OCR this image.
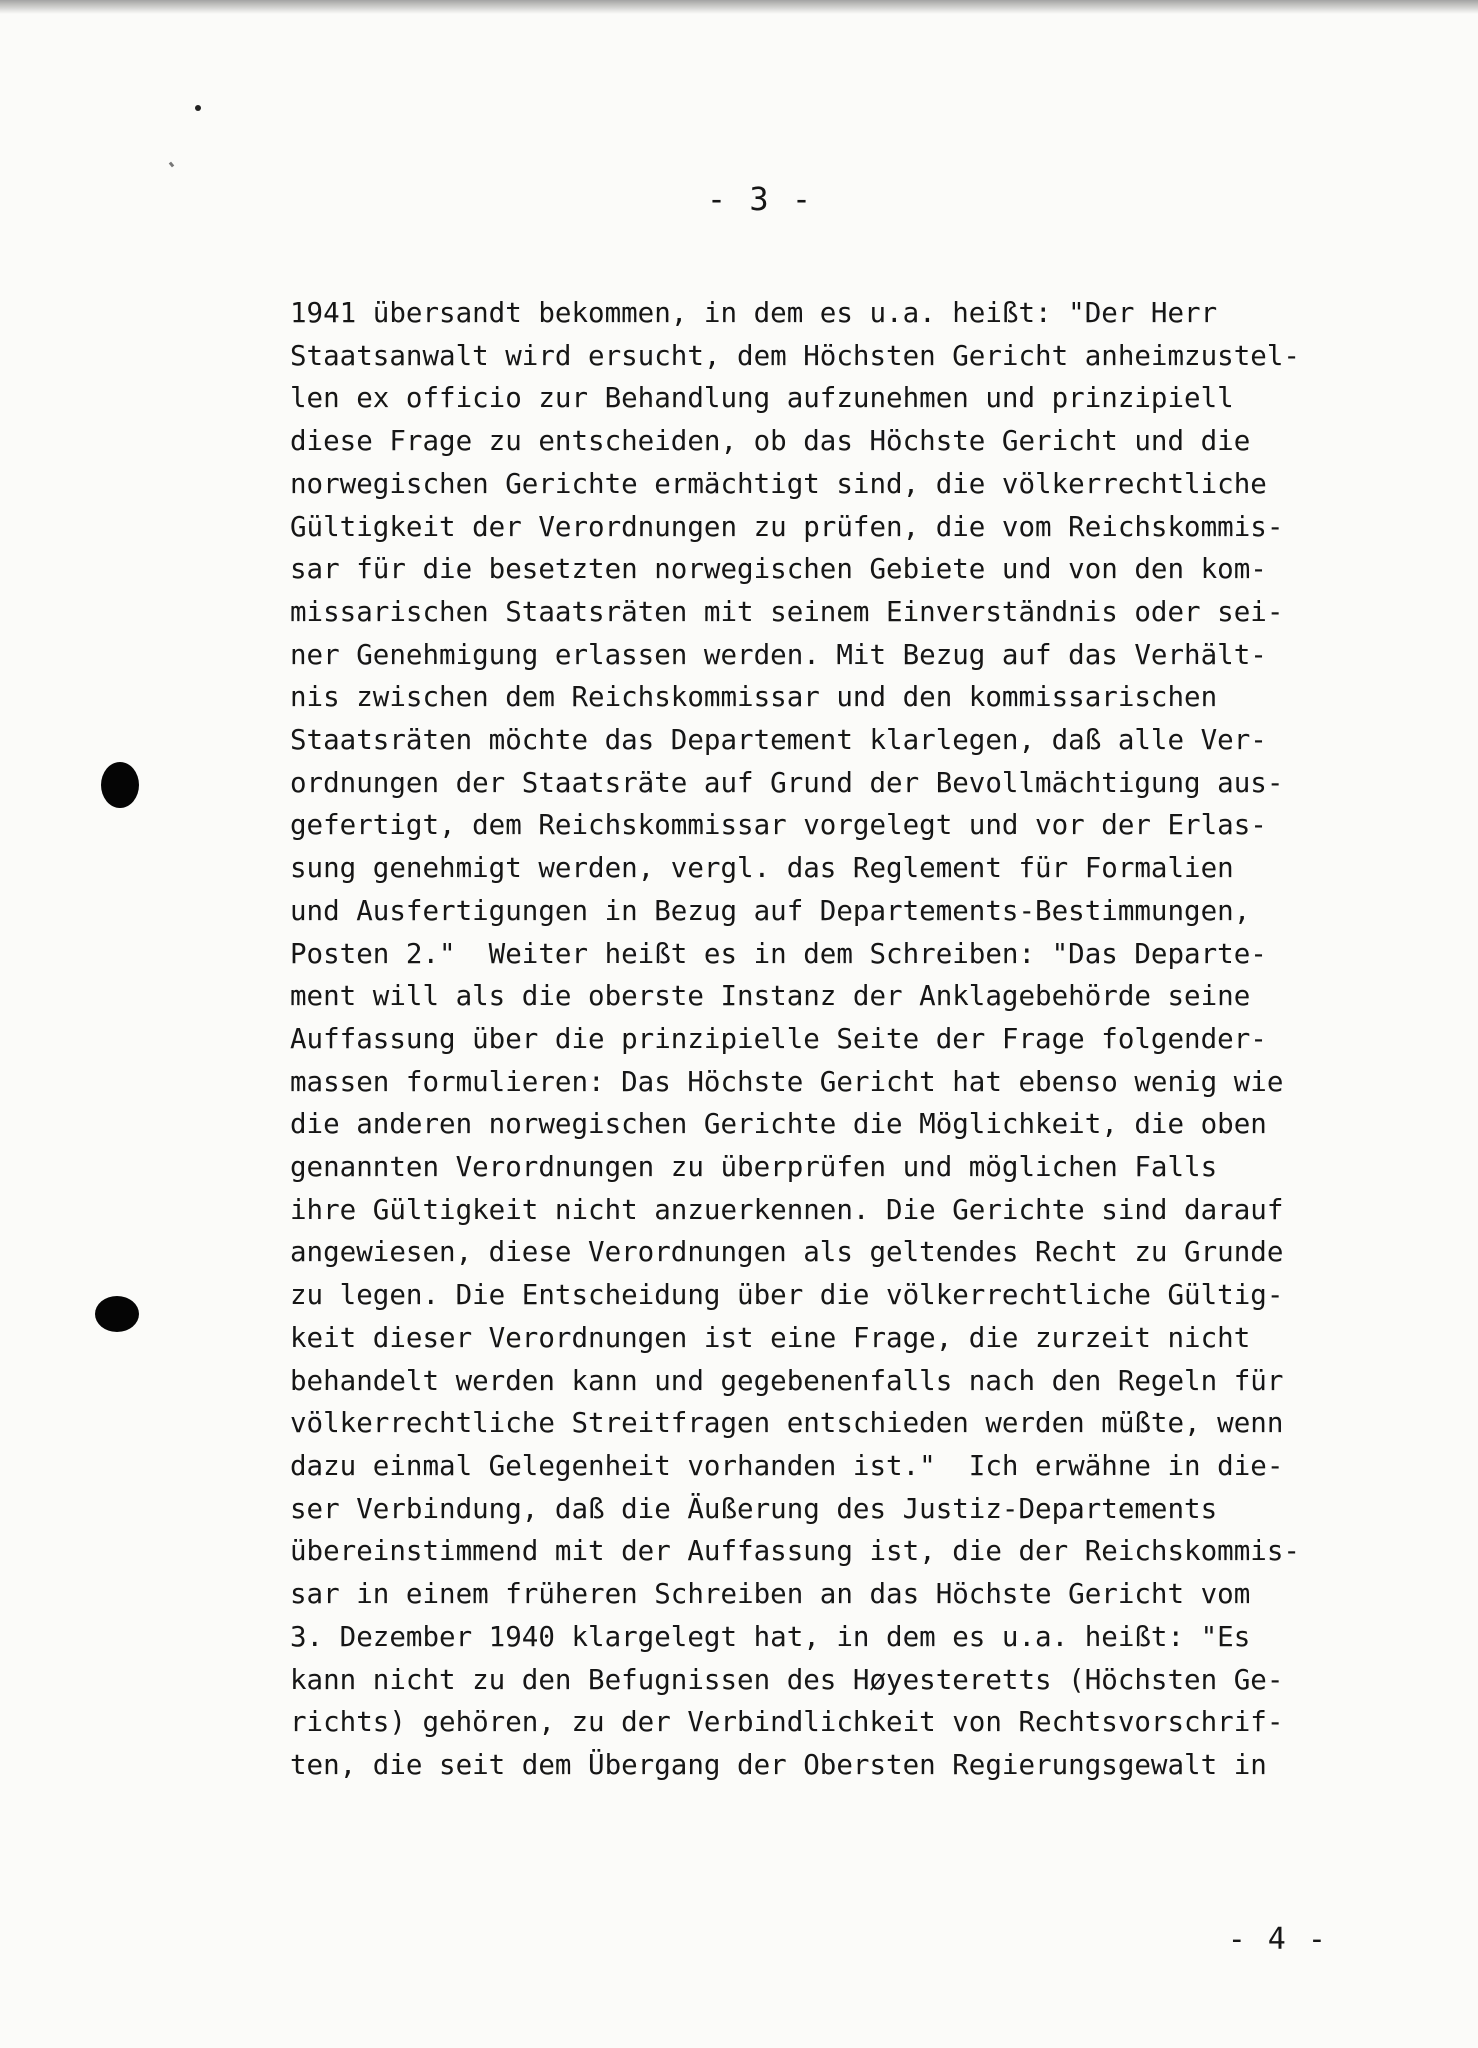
- 3 -

1941 übersandt bekommen, in dem es u.a. heißt: "Der Herr
Staatsanwalt wird ersucht, dem Höchsten Gericht anheimzustel-
len ex officio zur Behandlung aufzunehmen und prinzipiell
diese Frage zu entscheiden, ob das Höchste Gericht und die
norwegischen Gerichte ermächtigt sind, die völkerrechtliche
Gültigkeit der Verordnungen zu prüfen, die vom Reichskommis-
sar für die besetzten norwegischen Gebiete und von den kom-
missarischen Staatsräten mit seinem Einverständnis oder sei-
ner Genehmigung erlassen werden. Mit Bezug auf das Verhält-
nis zwischen dem Reichskommissar und den kommissarischen
Staatsräten möchte das Departement klarlegen, daß alle Ver-
ordnungen der Staatsräte auf Grund der Bevollmächtigung aus-
gefertigt, dem Reichskommissar vorgelegt und vor der Erlas-
sung genehmigt werden, vergl. das Reglement für Formalien
und Ausfertigungen in Bezug auf Departements-Bestimmungen,
Posten 2."  Weiter heißt es in dem Schreiben: "Das Departe-
ment will als die oberste Instanz der Anklagebehörde seine
Auffassung über die prinzipielle Seite der Frage folgender-
massen formulieren: Das Höchste Gericht hat ebenso wenig wie
die anderen norwegischen Gerichte die Möglichkeit, die oben
genannten Verordnungen zu überprüfen und möglichen Falls
ihre Gültigkeit nicht anzuerkennen. Die Gerichte sind darauf
angewiesen, diese Verordnungen als geltendes Recht zu Grunde
zu legen. Die Entscheidung über die völkerrechtliche Gültig-
keit dieser Verordnungen ist eine Frage, die zurzeit nicht
behandelt werden kann und gegebenenfalls nach den Regeln für
völkerrechtliche Streitfragen entschieden werden müßte, wenn
dazu einmal Gelegenheit vorhanden ist."  Ich erwähne in die-
ser Verbindung, daß die Äußerung des Justiz-Departements
übereinstimmend mit der Auffassung ist, die der Reichskommis-
sar in einem früheren Schreiben an das Höchste Gericht vom
3. Dezember 1940 klargelegt hat, in dem es u.a. heißt: "Es
kann nicht zu den Befugnissen des Høyesteretts (Höchsten Ge-
richts) gehören, zu der Verbindlichkeit von Rechtsvorschrif-
ten, die seit dem Übergang der Obersten Regierungsgewalt in

- 4 -
